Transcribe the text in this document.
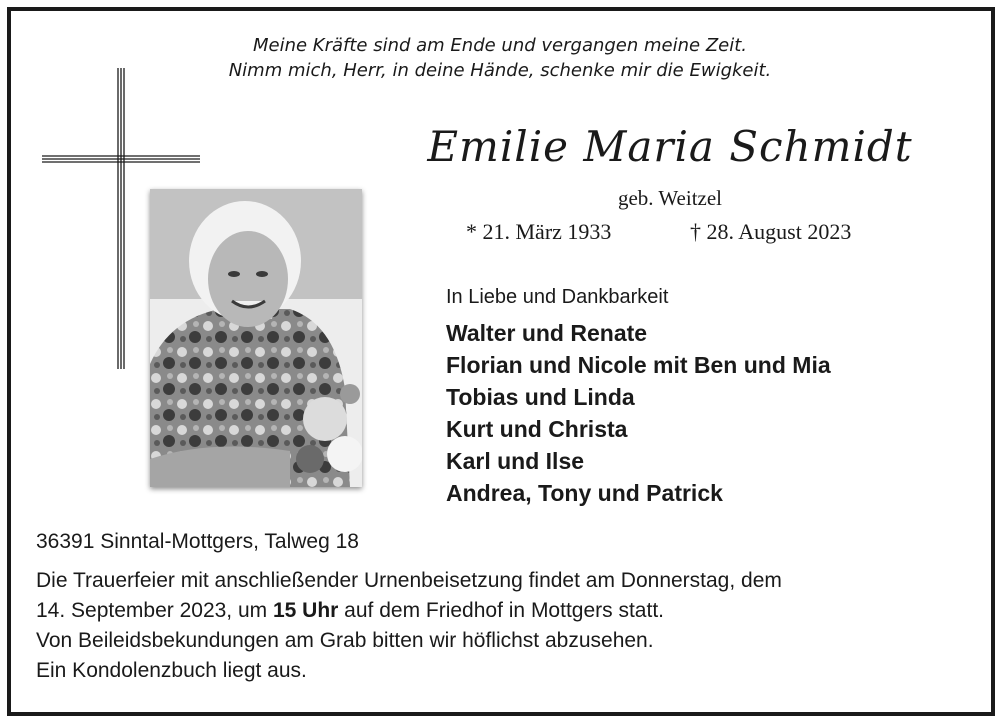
Meine Kräfte sind am Ende und vergangen meine Zeit.
Nimm mich, Herr, in deine Hände, schenke mir die Ewigkeit.
Emilie Maria Schmidt
geb. Weitzel
* 21. März 1933	† 28. August 2023
In Liebe und Dankbarkeit
Walter und Renate
Florian und Nicole mit Ben und Mia
Tobias und Linda
Kurt und Christa
Karl und Ilse
Andrea, Tony und Patrick
36391 Sinntal-Mottgers, Talweg 18
Die Trauerfeier mit anschließender Urnenbeisetzung findet am Donnerstag, dem
14. September 2023, um 15 Uhr auf dem Friedhof in Mottgers statt.
Von Beileidsbekundungen am Grab bitten wir höflichst abzusehen.
Ein Kondolenzbuch liegt aus.
